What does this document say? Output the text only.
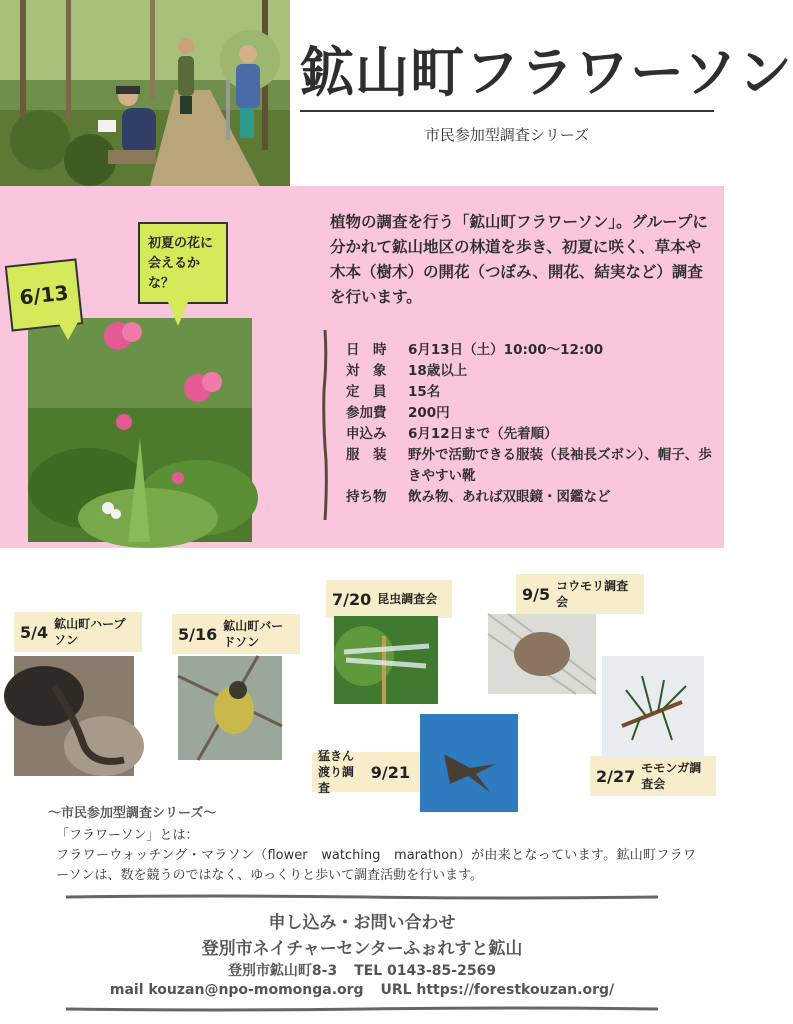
鉱山町フラワーソン
市民参加型調査シリーズ
6/13
初夏の花に会えるかな？
植物の調査を行う「鉱山町フラワーソン」。グループに分かれて鉱山地区の林道を歩き、初夏に咲く、草本や木本（樹木）の開花（つぼみ、開花、結実など）調査を行います。
日　時	6月13日（土）10:00～12:00
対　象	18歳以上
定　員	15名
参加費	200円
申込み	6月12日まで（先着順）
服　装	野外で活動できる服装（長袖長ズボン）、帽子、歩きやすい靴
持ち物	飲み物、あれば双眼鏡・図鑑など
5/4 鉱山町ハープソン	5/16 鉱山町バードソン
7/20 昆虫調査会	9/5 コウモリ調査会
猛きん渡り調査
9/21	2/27 モモンガ調査会
～市民参加型調査シリーズ～
「フラワーソン」とは：
フラワーウォッチング・マラソン（flower　watching　marathon）が由来となっています。鉱山町フラワーソンは、数を競うのではなく、ゆっくりと歩いて調査活動を行います。
申し込み・お問い合わせ
登別市ネイチャーセンターふぉれすと鉱山
登別市鉱山町8-3 TEL 0143-85-2569
mail kouzan@npo-momonga.org URL https://forestkouzan.org/
